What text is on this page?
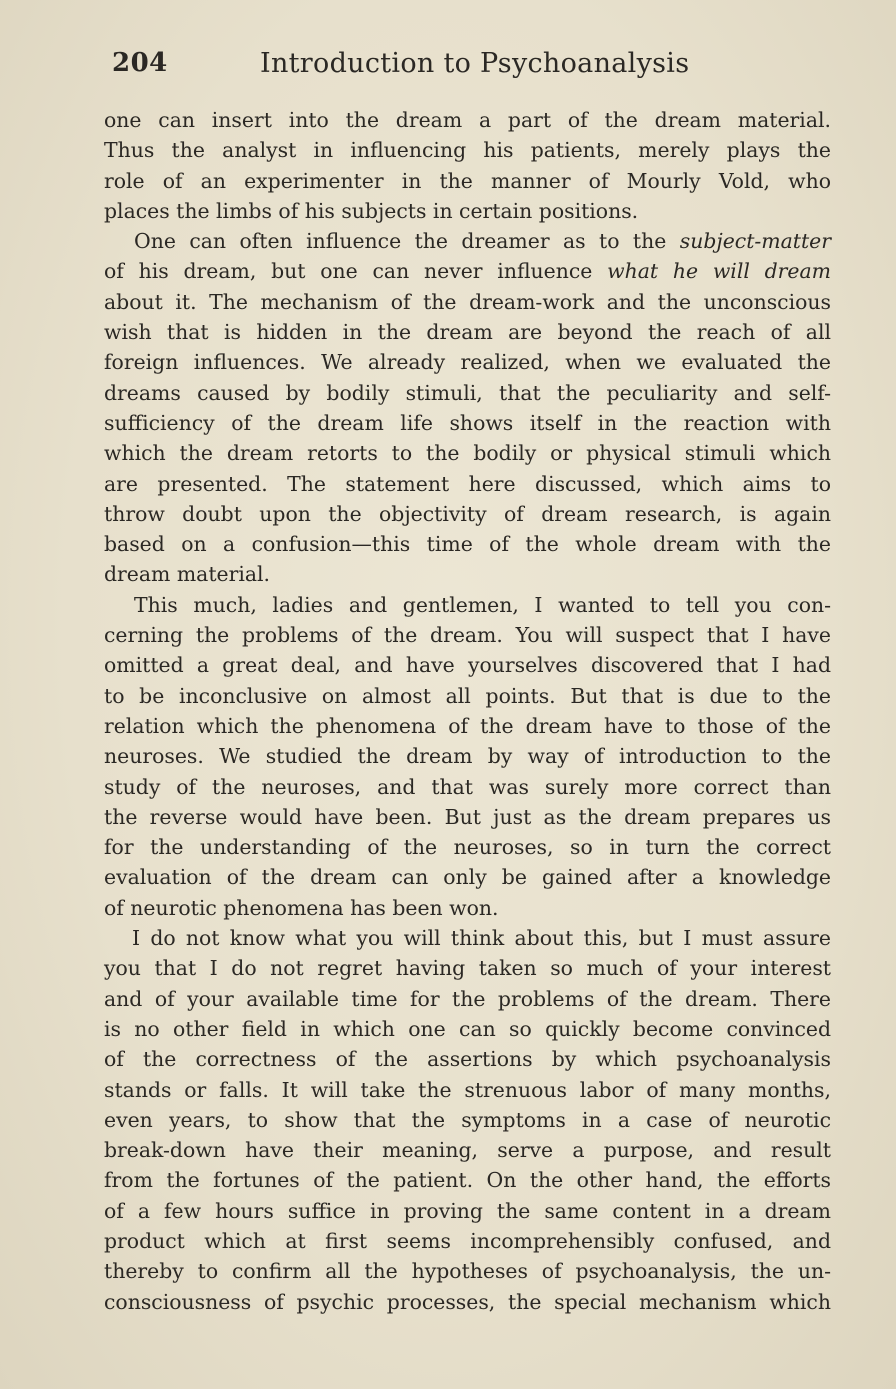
204	Introduction to Psychoanalysis
one can insert into the dream a part of the dream material.
Thus the analyst in influencing his patients, merely plays the
role of an experimenter in the manner of Mourly Vold, who
places the limbs of his subjects in certain positions.
One can often influence the dreamer as to the subject-matter
of his dream, but one can never influence what he will dream
about it. The mechanism of the dream-work and the unconscious
wish that is hidden in the dream are beyond the reach of all
foreign influences. We already realized, when we evaluated the
dreams caused by bodily stimuli, that the peculiarity and self-
sufficiency of the dream life shows itself in the reaction with
which the dream retorts to the bodily or physical stimuli which
are presented. The statement here discussed, which aims to
throw doubt upon the objectivity of dream research, is again
based on a confusion—this time of the whole dream with the
dream material.
This much, ladies and gentlemen, I wanted to tell you con-
cerning the problems of the dream. You will suspect that I have
omitted a great deal, and have yourselves discovered that I had
to be inconclusive on almost all points. But that is due to the
relation which the phenomena of the dream have to those of the
neuroses. We studied the dream by way of introduction to the
study of the neuroses, and that was surely more correct than
the reverse would have been. But just as the dream prepares us
for the understanding of the neuroses, so in turn the correct
evaluation of the dream can only be gained after a knowledge
of neurotic phenomena has been won.
I do not know what you will think about this, but I must assure
you that I do not regret having taken so much of your interest
and of your available time for the problems of the dream. There
is no other field in which one can so quickly become convinced
of the correctness of the assertions by which psychoanalysis
stands or falls. It will take the strenuous labor of many months,
even years, to show that the symptoms in a case of neurotic
break-down have their meaning, serve a purpose, and result
from the fortunes of the patient. On the other hand, the efforts
of a few hours suffice in proving the same content in a dream
product which at first seems incomprehensibly confused, and
thereby to confirm all the hypotheses of psychoanalysis, the un-
consciousness of psychic processes, the special mechanism which
